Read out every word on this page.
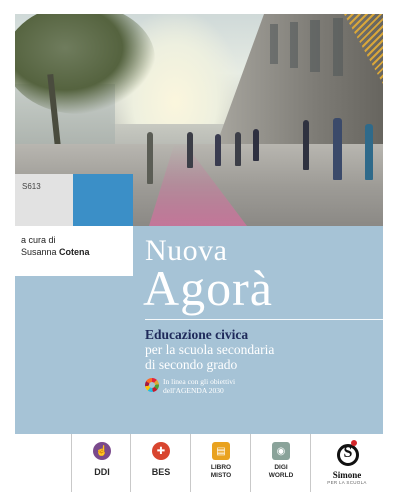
S613
a cura di
Susanna Cotena Nuova
Agorà
Educazione civica
per la scuola secondaria
di secondo grado
In linea con gli obiettivi
dell'AGENDA 2030
☝
DDI
✚
BES
▤
LIBRO
MISTO
◉
DIGI
WORLD
S	Simone
PER LA SCUOLA
